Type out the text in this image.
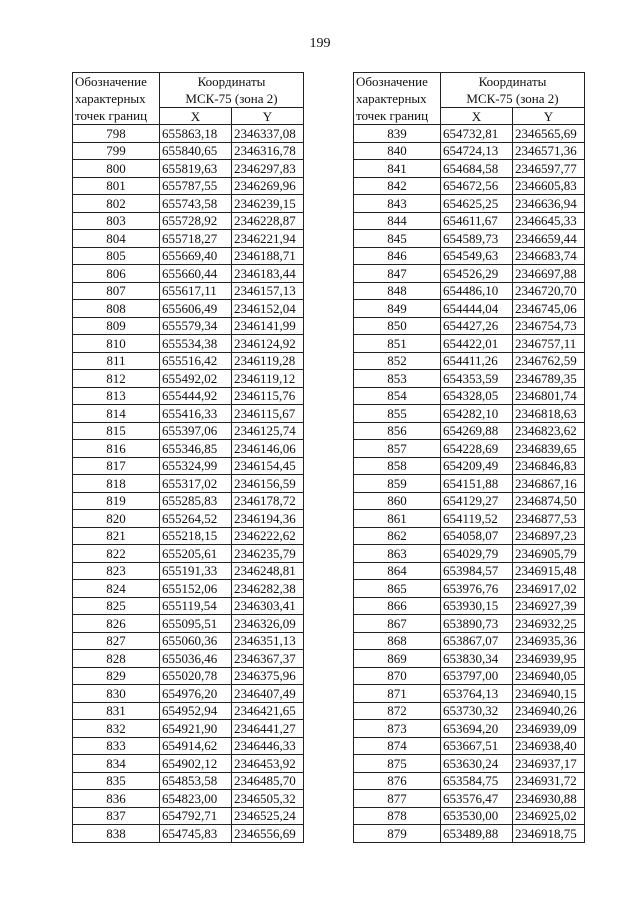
199
Обозначение
характерных
точек границ	Координаты
МСК-75 (зона 2)	

	X	Y
798	655863,18	2346337,08
799	655840,65	2346316,78
800	655819,63	2346297,83
801	655787,55	2346269,96
802	655743,58	2346239,15
803	655728,92	2346228,87
804	655718,27	2346221,94
805	655669,40	2346188,71
806	655660,44	2346183,44
807	655617,11	2346157,13
808	655606,49	2346152,04
809	655579,34	2346141,99
810	655534,38	2346124,92
811	655516,42	2346119,28
812	655492,02	2346119,12
813	655444,92	2346115,76
814	655416,33	2346115,67
815	655397,06	2346125,74
816	655346,85	2346146,06
817	655324,99	2346154,45
818	655317,02	2346156,59
819	655285,83	2346178,72
820	655264,52	2346194,36
821	655218,15	2346222,62
822	655205,61	2346235,79
823	655191,33	2346248,81
824	655152,06	2346282,38
825	655119,54	2346303,41
826	655095,51	2346326,09
827	655060,36	2346351,13
828	655036,46	2346367,37
829	655020,78	2346375,96
830	654976,20	2346407,49
831	654952,94	2346421,65
832	654921,90	2346441,27
833	654914,62	2346446,33
834	654902,12	2346453,92
835	654853,58	2346485,70
836	654823,00	2346505,32
837	654792,71	2346525,24
838	654745,83	2346556,69
Обозначение
характерных
точек границ	Координаты
МСК-75 (зона 2)	

	X	Y
839	654732,81	2346565,69
840	654724,13	2346571,36
841	654684,58	2346597,77
842	654672,56	2346605,83
843	654625,25	2346636,94
844	654611,67	2346645,33
845	654589,73	2346659,44
846	654549,63	2346683,74
847	654526,29	2346697,88
848	654486,10	2346720,70
849	654444,04	2346745,06
850	654427,26	2346754,73
851	654422,01	2346757,11
852	654411,26	2346762,59
853	654353,59	2346789,35
854	654328,05	2346801,74
855	654282,10	2346818,63
856	654269,88	2346823,62
857	654228,69	2346839,65
858	654209,49	2346846,83
859	654151,88	2346867,16
860	654129,27	2346874,50
861	654119,52	2346877,53
862	654058,07	2346897,23
863	654029,79	2346905,79
864	653984,57	2346915,48
865	653976,76	2346917,02
866	653930,15	2346927,39
867	653890,73	2346932,25
868	653867,07	2346935,36
869	653830,34	2346939,95
870	653797,00	2346940,05
871	653764,13	2346940,15
872	653730,32	2346940,26
873	653694,20	2346939,09
874	653667,51	2346938,40
875	653630,24	2346937,17
876	653584,75	2346931,72
877	653576,47	2346930,88
878	653530,00	2346925,02
879	653489,88	2346918,75
